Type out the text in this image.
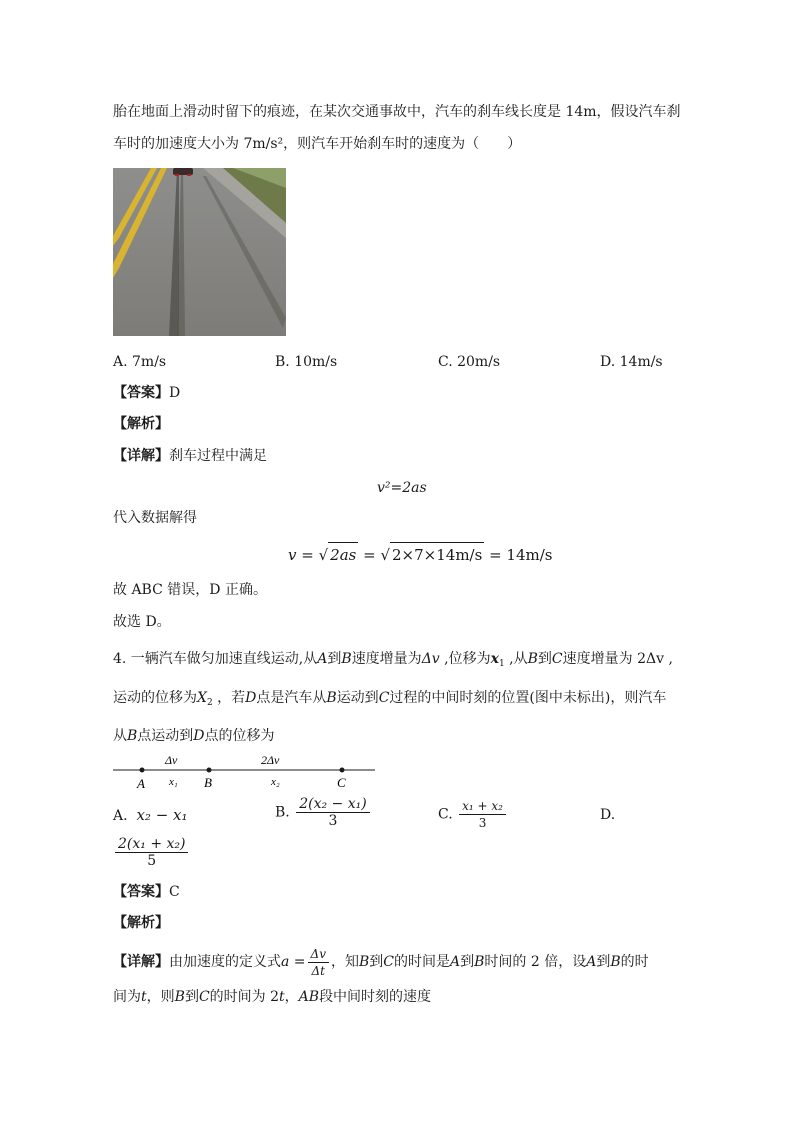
胎在地面上滑动时留下的痕迹，在某次交通事故中，汽车的刹车线长度是 14m，假设汽车刹
车时的加速度大小为 7m/s²，则汽车开始刹车时的速度为（　　）
A. 7m/s	B. 10m/s	C. 20m/s	D. 14m/s
【答案】D
【解析】
【详解】刹车过程中满足
v²=2as
代入数据解得
v = √ 2as = √ 2×7×14m/s = 14m/s
故 ABC 错误，D 正确。
故选 D。
4. 一辆汽车做匀加速直线运动,从A到B速度增量为Δv ,位移为$x_1$ ,从B到C速度增量为 2Δv ,
运动的位移为$X_2$ ，若D点是汽车从B运动到C过程的中间时刻的位置(图中未标出)，则汽车
从B点运动到D点的位移为
A	B	C
Δv	2Δv
x₁	x₂
A. x₂ − x₁	B. $\frac{\text{2(x₂ − x₁)}}{3}$	C. $\frac{\text{x₁ + x₂}}{3}$	D.
$\frac{\text{2(x₁ + x₂)}}{5}$
【答案】C
【解析】
【详解】由加速度的定义式$a = \frac{\Delta v}{\Delta t}$ ，知B到C的时间是A到B时间的 2 倍，设A到B的时
间为t，则B到C的时间为 2t，AB段中间时刻的速度
